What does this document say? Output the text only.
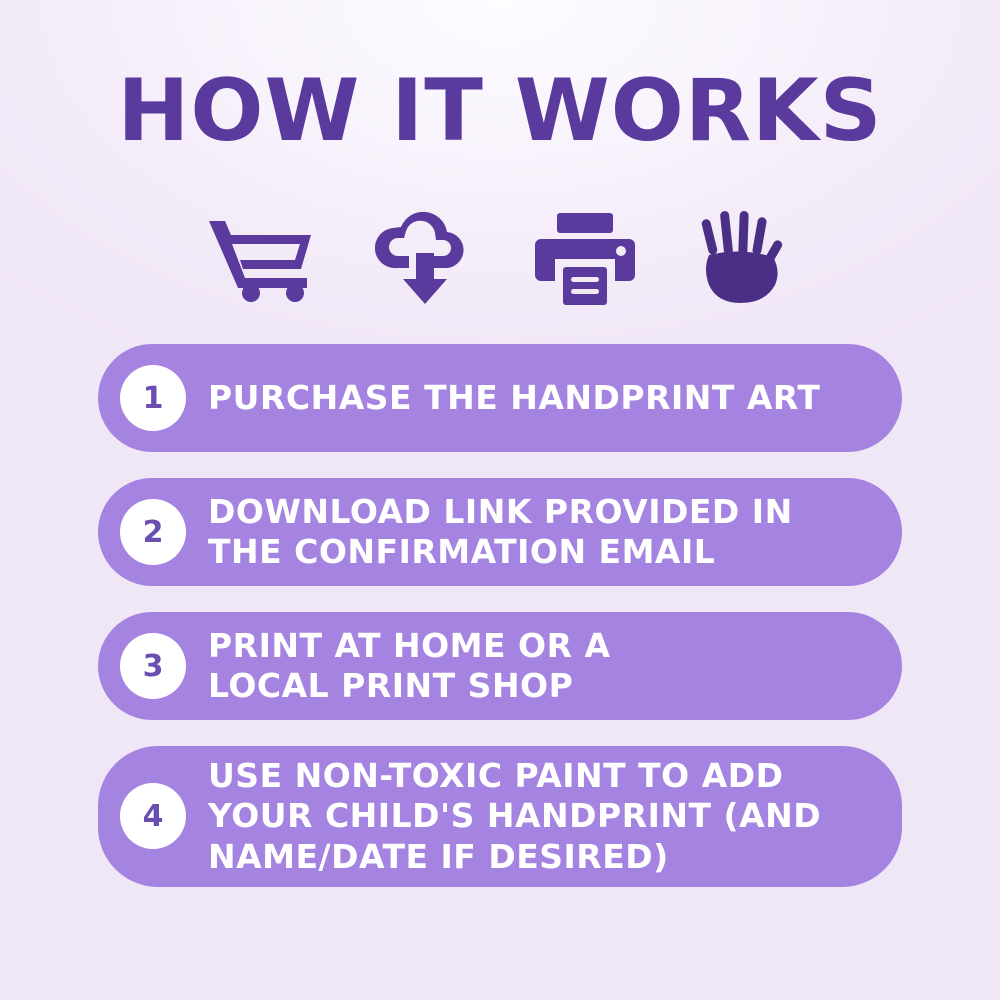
HOW IT WORKS
1	PURCHASE THE HANDPRINT ART
2
DOWNLOAD LINK PROVIDED IN
THE CONFIRMATION EMAIL
3
PRINT AT HOME OR A
LOCAL PRINT SHOP
4
USE NON-TOXIC PAINT TO ADD
YOUR CHILD'S HANDPRINT (AND
NAME/DATE IF DESIRED)
